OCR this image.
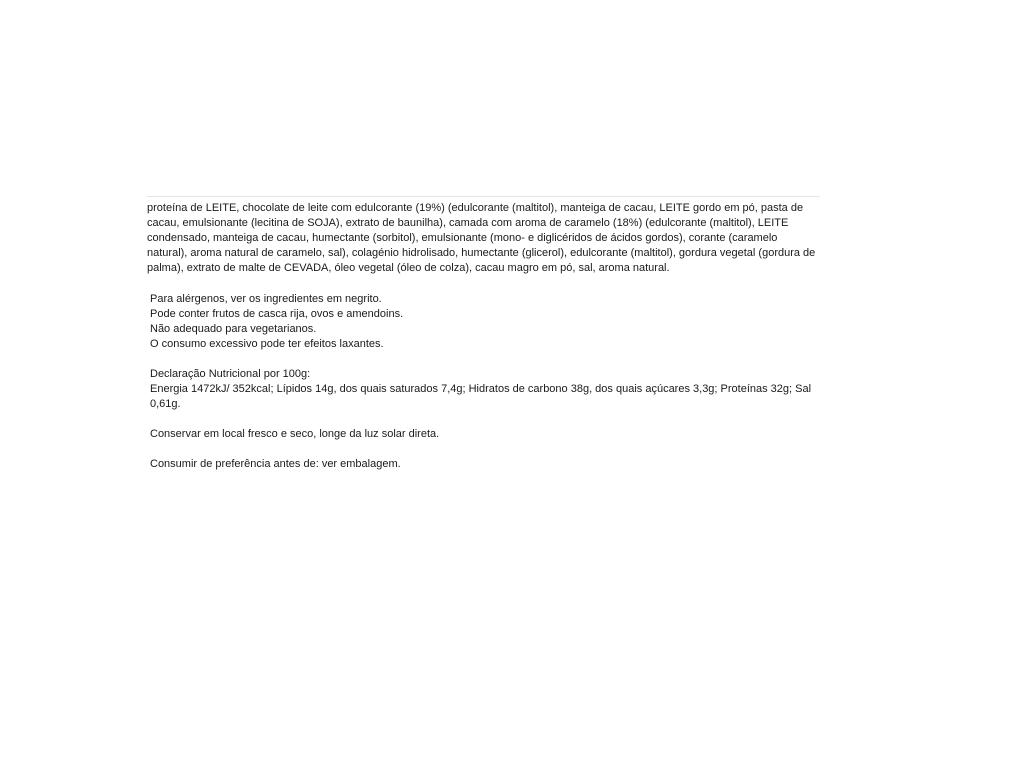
proteína de LEITE, chocolate de leite com edulcorante (19%) (edulcorante (maltitol), manteiga de cacau, LEITE gordo em pó, pasta de
cacau, emulsionante (lecitina de SOJA), extrato de baunilha), camada com aroma de caramelo (18%) (edulcorante (maltitol), LEITE
condensado, manteiga de cacau, humectante (sorbitol), emulsionante (mono- e diglicéridos de ácidos gordos), corante (caramelo
natural), aroma natural de caramelo, sal), colagénio hidrolisado, humectante (glicerol), edulcorante (maltitol), gordura vegetal (gordura de
palma), extrato de malte de CEVADA, óleo vegetal (óleo de colza), cacau magro em pó, sal, aroma natural.
Para alérgenos, ver os ingredientes em negrito.
Pode conter frutos de casca rija, ovos e amendoins.
Não adequado para vegetarianos.
O consumo excessivo pode ter efeitos laxantes.
Declaração Nutricional por 100g:
Energia 1472kJ/ 352kcal; Lípidos 14g, dos quais saturados 7,4g; Hidratos de carbono 38g, dos quais açúcares 3,3g; Proteínas 32g; Sal
0,61g.
Conservar em local fresco e seco, longe da luz solar direta.
Consumir de preferência antes de: ver embalagem.
